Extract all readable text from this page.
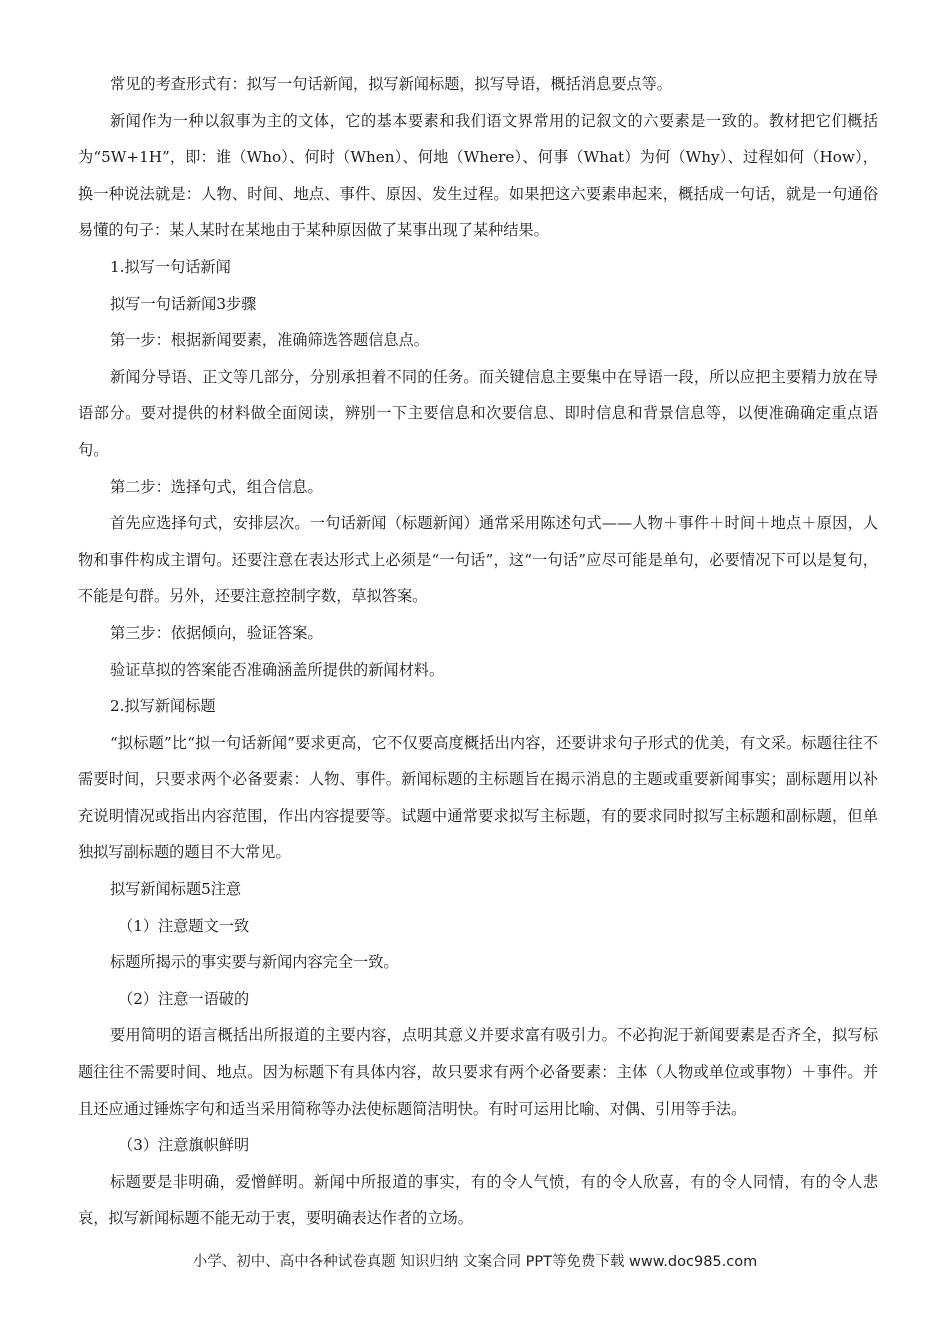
常见的考查形式有：拟写一句话新闻，拟写新闻标题，拟写导语，概括消息要点等。

新闻作为一种以叙事为主的文体，它的基本要素和我们语文界常用的记叙文的六要素是一致的。教材把它们概括为“5W+1H”，即：谁（Who）、何时（When）、何地（Where）、何事（What）为何（Why）、过程如何（How），换一种说法就是：人物、时间、地点、事件、原因、发生过程。如果把这六要素串起来，概括成一句话，就是一句通俗易懂的句子：某人某时在某地由于某种原因做了某事出现了某种结果。

1.拟写一句话新闻

拟写一句话新闻3步骤

第一步：根据新闻要素，准确筛选答题信息点。

新闻分导语、正文等几部分，分别承担着不同的任务。而关键信息主要集中在导语一段，所以应把主要精力放在导语部分。要对提供的材料做全面阅读，辨别一下主要信息和次要信息、即时信息和背景信息等，以便准确确定重点语句。

第二步：选择句式，组合信息。

首先应选择句式，安排层次。一句话新闻（标题新闻）通常采用陈述句式——人物＋事件＋时间＋地点＋原因，人物和事件构成主谓句。还要注意在表达形式上必须是“一句话”，这“一句话”应尽可能是单句，必要情况下可以是复句，不能是句群。另外，还要注意控制字数，草拟答案。

第三步：依据倾向，验证答案。

验证草拟的答案能否准确涵盖所提供的新闻材料。

2.拟写新闻标题

“拟标题”比“拟一句话新闻”要求更高，它不仅要高度概括出内容，还要讲求句子形式的优美，有文采。标题往往不需要时间，只要求两个必备要素：人物、事件。新闻标题的主标题旨在揭示消息的主题或重要新闻事实；副标题用以补充说明情况或指出内容范围，作出内容提要等。试题中通常要求拟写主标题，有的要求同时拟写主标题和副标题，但单独拟写副标题的题目不大常见。

拟写新闻标题5注意

（1）注意题文一致

标题所揭示的事实要与新闻内容完全一致。

（2）注意一语破的

要用简明的语言概括出所报道的主要内容，点明其意义并要求富有吸引力。不必拘泥于新闻要素是否齐全，拟写标题往往不需要时间、地点。因为标题下有具体内容，故只要求有两个必备要素：主体（人物或单位或事物）＋事件。并且还应通过锤炼字句和适当采用简称等办法使标题简洁明快。有时可运用比喻、对偶、引用等手法。

（3）注意旗帜鲜明

标题要是非明确，爱憎鲜明。新闻中所报道的事实，有的令人气愤，有的令人欣喜，有的令人同情，有的令人悲哀，拟写新闻标题不能无动于衷，要明确表达作者的立场。

小学、初中、高中各种试卷真题 知识归纳 文案合同 PPT等免费下载 www.doc985.com
